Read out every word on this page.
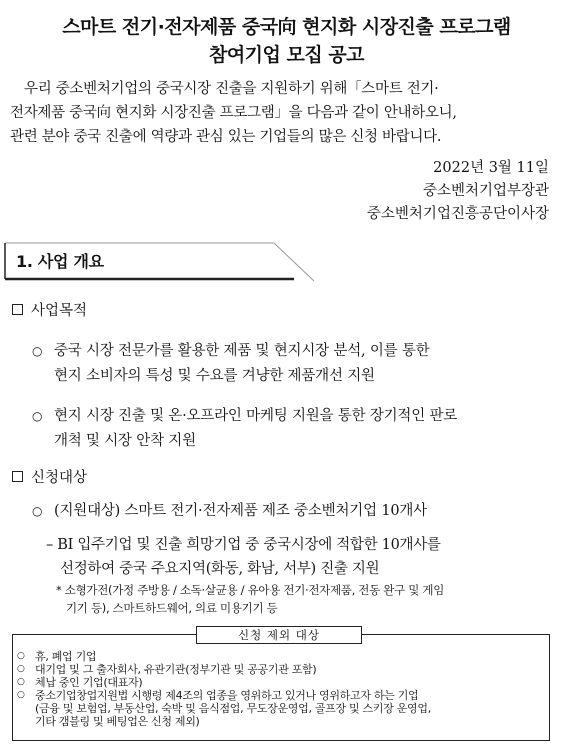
스마트 전기·전자제품 중국向 현지화 시장진출 프로그램
참여기업 모집 공고
우리 중소벤처기업의 중국시장 진출을 지원하기 위해「스마트 전기·
전자제품 중국向 현지화 시장진출 프로그램」을 다음과 같이 안내하오니,
관련 분야 중국 진출에 역량과 관심 있는 기업들의 많은 신청 바랍니다.
2022년 3월 11일
중소벤처기업부장관
중소벤처기업진흥공단이사장
1. 사업 개요
사업목적
○ 중국 시장 전문가를 활용한 제품 및 현지시장 분석, 이를 통한
현지 소비자의 특성 및 수요를 겨냥한 제품개선 지원
○ 현지 시장 진출 및 온·오프라인 마케팅 지원을 통한 장기적인 판로
개척 및 시장 안착 지원
신청대상
○ (지원대상) 스마트 전기·전자제품 제조 중소벤처기업 10개사
– BI 입주기업 및 진출 희망기업 중 중국시장에 적합한 10개사를
선정하여 중국 주요지역(화동, 화남, 서부) 진출 지원
* 소형가전(가정 주방용 / 소독·살균용 / 유아용 전기·전자제품, 전동 완구 및 게임
기기 등), 스마트하드웨어, 의료 미용기기 등
신청 제외 대상
○ 휴, 폐업 기업
○ 대기업 및 그 출자회사, 유관기관(정부기관 및 공공기관 포함)
○ 체납 중인 기업(대표자)
○ 중소기업창업지원법 시행령 제4조의 업종을 영위하고 있거나 영위하고자 하는 기업
(금융 및 보험업, 부동산업, 숙박 및 음식점업, 무도장운영업, 골프장 및 스키장 운영업,
기타 갬블링 및 베팅업은 신청 제외)
